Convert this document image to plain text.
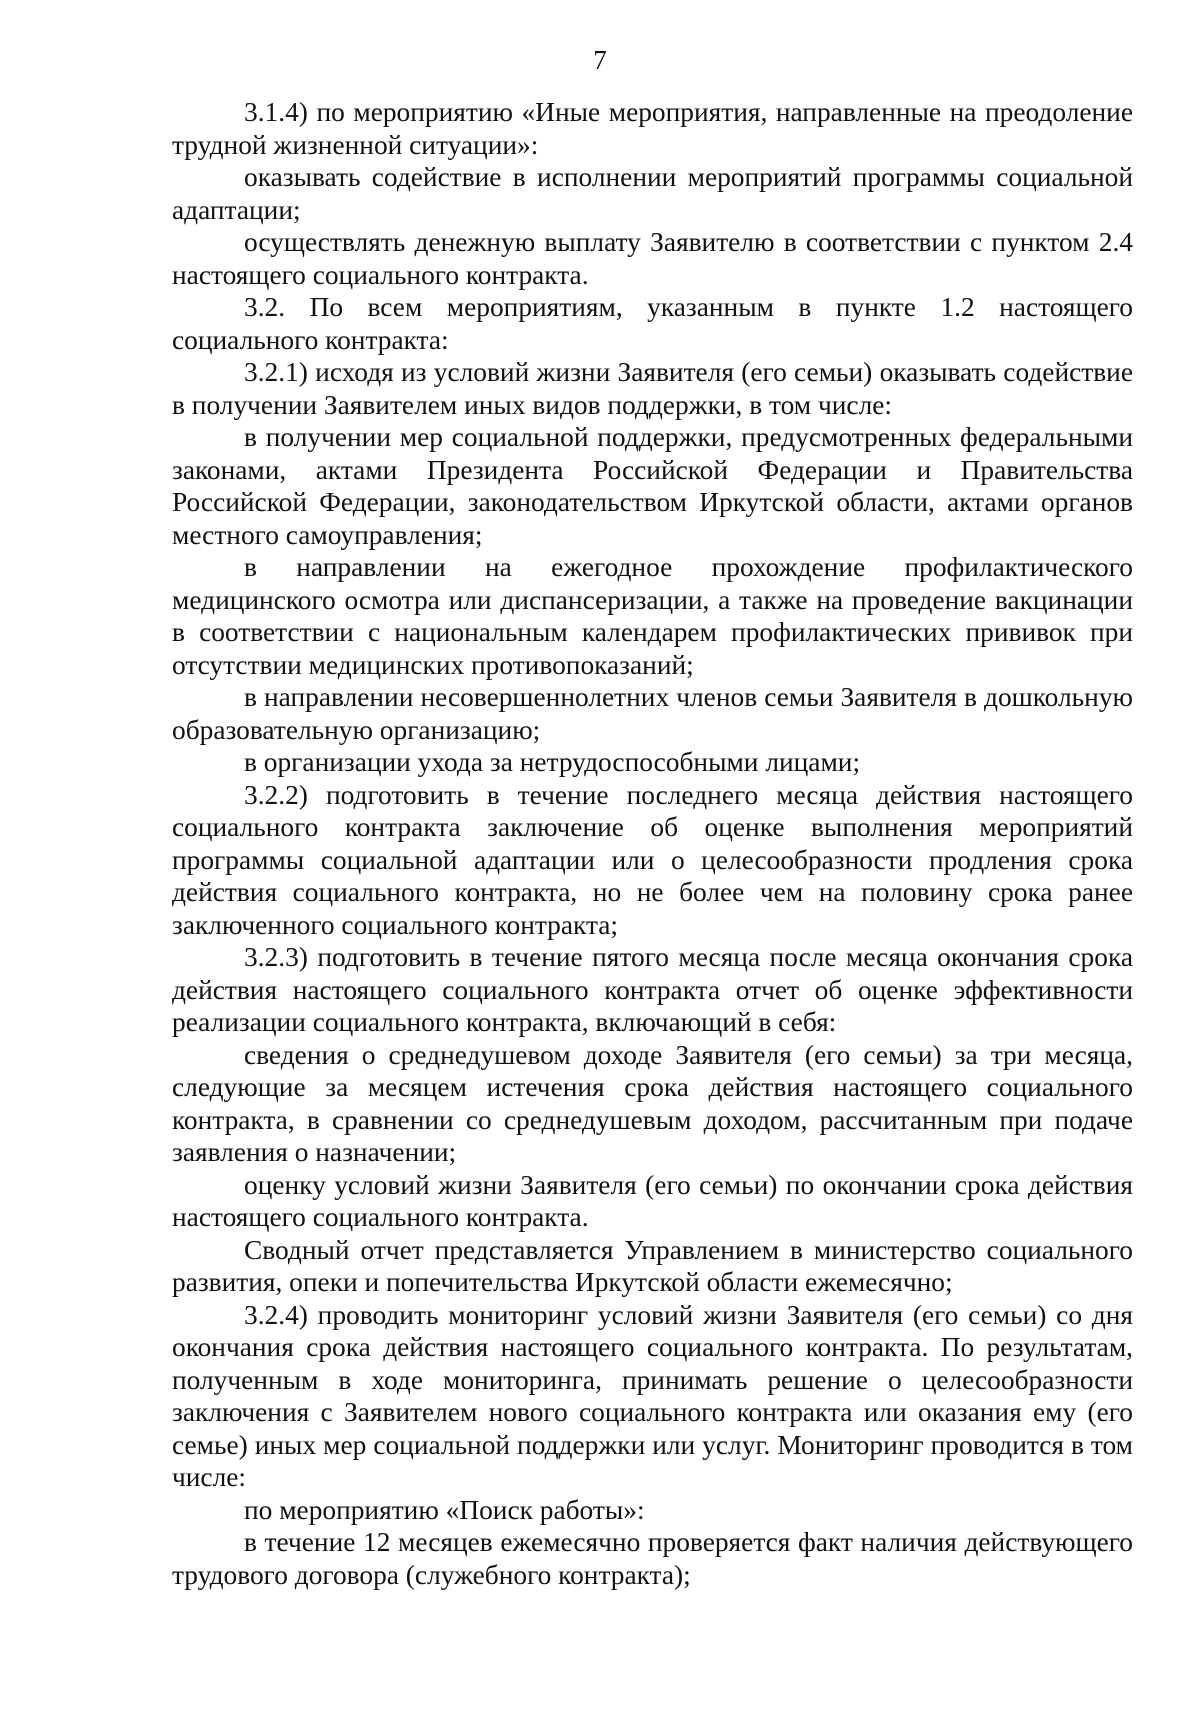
7

3.1.4) по мероприятию «Иные мероприятия, направленные на преодоление трудной жизненной ситуации»:

оказывать содействие в исполнении мероприятий программы социальной адаптации;

осуществлять денежную выплату Заявителю в соответствии с пунктом 2.4 настоящего социального контракта.

3.2. По всем мероприятиям, указанным в пункте 1.2 настоящего социального контракта:

3.2.1) исходя из условий жизни Заявителя (его семьи) оказывать содействие в получении Заявителем иных видов поддержки, в том числе:

в получении мер социальной поддержки, предусмотренных федеральными законами, актами Президента Российской Федерации и Правительства Российской Федерации, законодательством Иркутской области, актами органов местного самоуправления;

в направлении на ежегодное прохождение профилактического медицинского осмотра или диспансеризации, а также на проведение вакцинации в соответствии с национальным календарем профилактических прививок при отсутствии медицинских противопоказаний;

в направлении несовершеннолетних членов семьи Заявителя в дошкольную образовательную организацию;

в организации ухода за нетрудоспособными лицами;

3.2.2) подготовить в течение последнего месяца действия настоящего социального контракта заключение об оценке выполнения мероприятий программы социальной адаптации или о целесообразности продления срока действия социального контракта, но не более чем на половину срока ранее заключенного социального контракта;

3.2.3) подготовить в течение пятого месяца после месяца окончания срока действия настоящего социального контракта отчет об оценке эффективности реализации социального контракта, включающий в себя:

сведения о среднедушевом доходе Заявителя (его семьи) за три месяца, следующие за месяцем истечения срока действия настоящего социального контракта, в сравнении со среднедушевым доходом, рассчитанным при подаче заявления о назначении;

оценку условий жизни Заявителя (его семьи) по окончании срока действия настоящего социального контракта.

Сводный отчет представляется Управлением в министерство социального развития, опеки и попечительства Иркутской области ежемесячно;

3.2.4) проводить мониторинг условий жизни Заявителя (его семьи) со дня окончания срока действия настоящего социального контракта. По результатам, полученным в ходе мониторинга, принимать решение о целесообразности заключения с Заявителем нового социального контракта или оказания ему (его семье) иных мер социальной поддержки или услуг. Мониторинг проводится в том числе:

по мероприятию «Поиск работы»:

в течение 12 месяцев ежемесячно проверяется факт наличия действующего трудового договора (служебного контракта);
